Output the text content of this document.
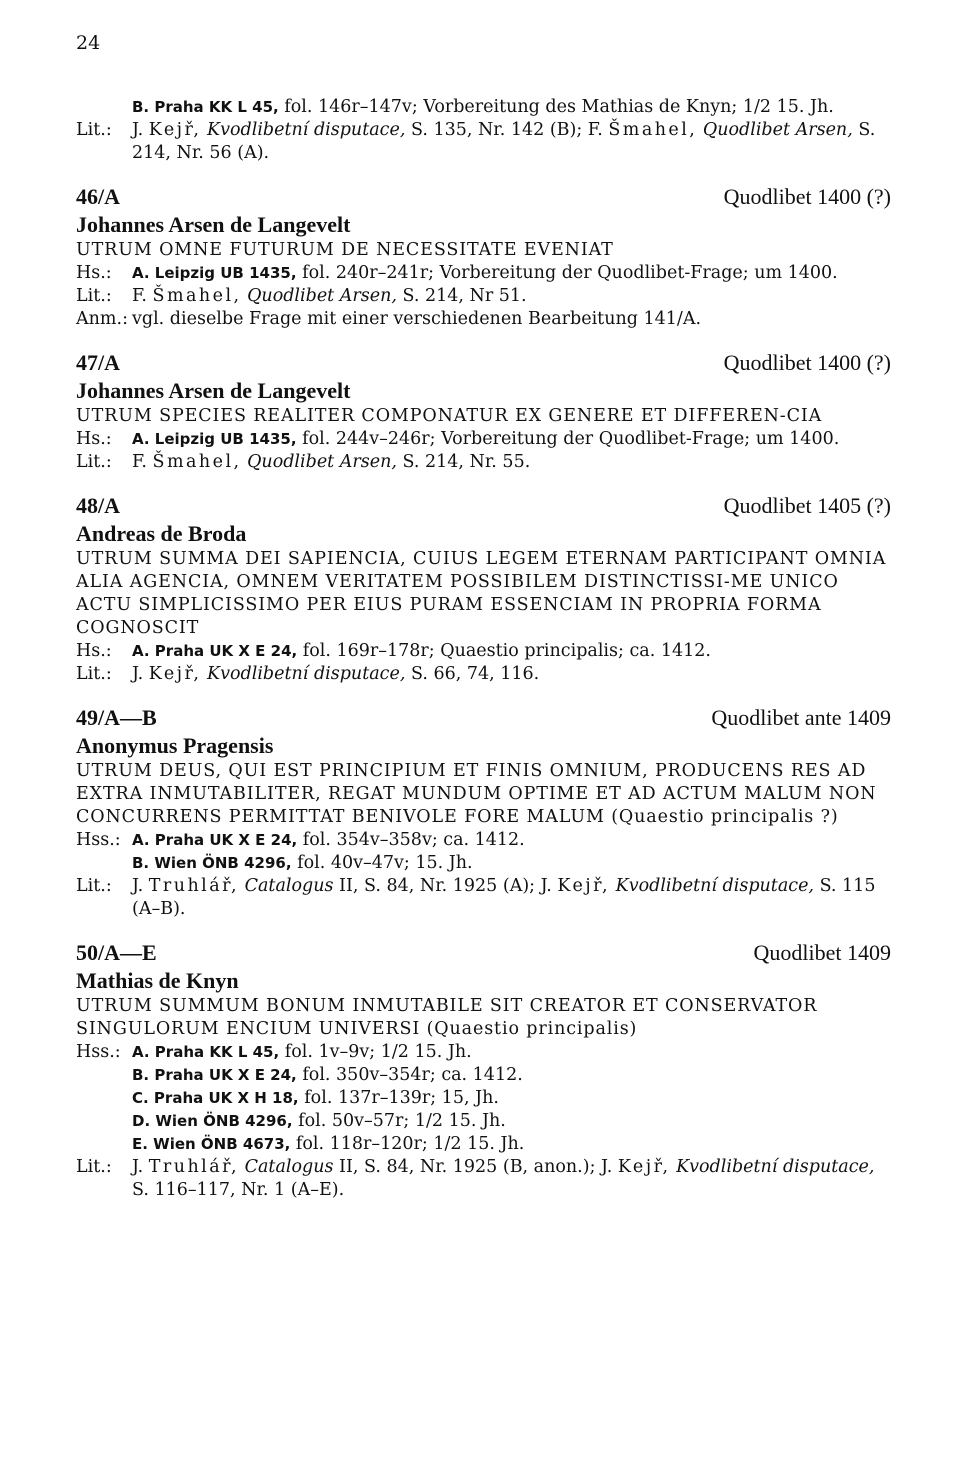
24
B. Praha KK L 45, fol. 146r–147v; Vorbereitung des Mathias de Knyn; 1/2 15. Jh.
Lit.:	J. Kejř, Kvodlibetní disputace, S. 135, Nr. 142 (B); F. Šmahel, Quodlibet Arsen, S. 214, Nr. 56 (A).
46/A	Quodlibet 1400 (?)
Johannes Arsen de Langevelt
UTRUM OMNE FUTURUM DE NECESSITATE EVENIAT
Hs.:	A. Leipzig UB 1435, fol. 240r–241r; Vorbereitung der Quodlibet-Frage; um 1400.
Lit.:	F. Šmahel, Quodlibet Arsen, S. 214, Nr 51.
Anm.: vgl. dieselbe Frage mit einer verschiedenen Bearbeitung 141/A.
47/A	Quodlibet 1400 (?)
Johannes Arsen de Langevelt
UTRUM SPECIES REALITER COMPONATUR EX GENERE ET DIFFEREN-CIA
Hs.:	A. Leipzig UB 1435, fol. 244v–246r; Vorbereitung der Quodlibet-Frage; um 1400.
Lit.:	F. Šmahel, Quodlibet Arsen, S. 214, Nr. 55.
48/A	Quodlibet 1405 (?)
Andreas de Broda
UTRUM SUMMA DEI SAPIENCIA, CUIUS LEGEM ETERNAM PARTICIPANT OMNIA ALIA AGENCIA, OMNEM VERITATEM POSSIBILEM DISTINCTISSI-ME UNICO ACTU SIMPLICISSIMO PER EIUS PURAM ESSENCIAM IN PROPRIA FORMA COGNOSCIT
Hs.:	A. Praha UK X E 24, fol. 169r–178r; Quaestio principalis; ca. 1412.
Lit.:	J. Kejř, Kvodlibetní disputace, S. 66, 74, 116.
49/A—B	Quodlibet ante 1409
Anonymus Pragensis
UTRUM DEUS, QUI EST PRINCIPIUM ET FINIS OMNIUM, PRODUCENS RES AD EXTRA INMUTABILITER, REGAT MUNDUM OPTIME ET AD ACTUM MALUM NON CONCURRENS PERMITTAT BENIVOLE FORE MALUM (Quaestio principalis ?)
Hss.: A. Praha UK X E 24, fol. 354v–358v; ca. 1412.
B. Wien ÖNB 4296, fol. 40v–47v; 15. Jh.
Lit.:	J. Truhlář, Catalogus II, S. 84, Nr. 1925 (A); J. Kejř, Kvodlibetní disputace, S. 115 (A–B).
50/A—E	Quodlibet 1409
Mathias de Knyn
UTRUM SUMMUM BONUM INMUTABILE SIT CREATOR ET CONSERVATOR SINGULORUM ENCIUM UNIVERSI (Quaestio principalis)
Hss.: A. Praha KK L 45, fol. 1v–9v; 1/2 15. Jh.
B. Praha UK X E 24, fol. 350v–354r; ca. 1412.
C. Praha UK X H 18, fol. 137r–139r; 15, Jh.
D. Wien ÖNB 4296, fol. 50v–57r; 1/2 15. Jh.
E. Wien ÖNB 4673, fol. 118r–120r; 1/2 15. Jh.
Lit.:	J. Truhlář, Catalogus II, S. 84, Nr. 1925 (B, anon.); J. Kejř, Kvodlibetní disputace, S. 116–117, Nr. 1 (A–E).
